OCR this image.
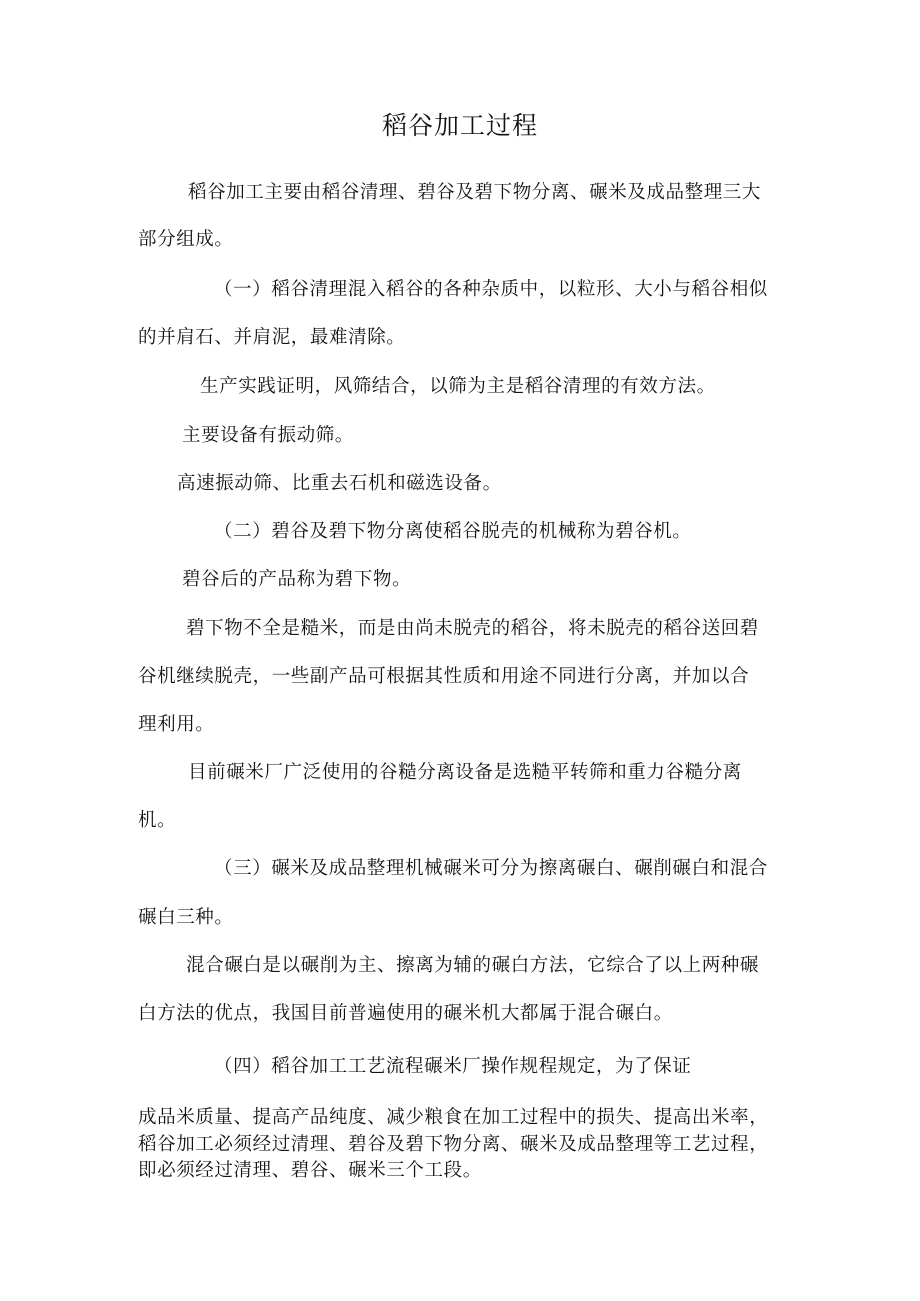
稻谷加工过程
稻谷加工主要由稻谷清理、碧谷及碧下物分离、碾米及成品整理三大
部分组成。
（一）稻谷清理混入稻谷的各种杂质中，以粒形、大小与稻谷相似
的并肩石、并肩泥，最难清除。
生产实践证明，风筛结合，以筛为主是稻谷清理的有效方法。
主要设备有振动筛。
高速振动筛、比重去石机和磁选设备。
（二）碧谷及碧下物分离使稻谷脱壳的机械称为碧谷机。
碧谷后的产品称为碧下物。
碧下物不全是糙米，而是由尚未脱壳的稻谷，将未脱壳的稻谷送回碧
谷机继续脱壳，一些副产品可根据其性质和用途不同进行分离，并加以合
理利用。
目前碾米厂广泛使用的谷糙分离设备是选糙平转筛和重力谷糙分离
机。
（三）碾米及成品整理机械碾米可分为擦离碾白、碾削碾白和混合
碾白三种。
混合碾白是以碾削为主、擦离为辅的碾白方法，它综合了以上两种碾
白方法的优点，我国目前普遍使用的碾米机大都属于混合碾白。
（四）稻谷加工工艺流程碾米厂操作规程规定，为了保证
成品米质量、提高产品纯度、减少粮食在加工过程中的损失、提高出米率，
稻谷加工必须经过清理、碧谷及碧下物分离、碾米及成品整理等工艺过程，
即必须经过清理、碧谷、碾米三个工段。
